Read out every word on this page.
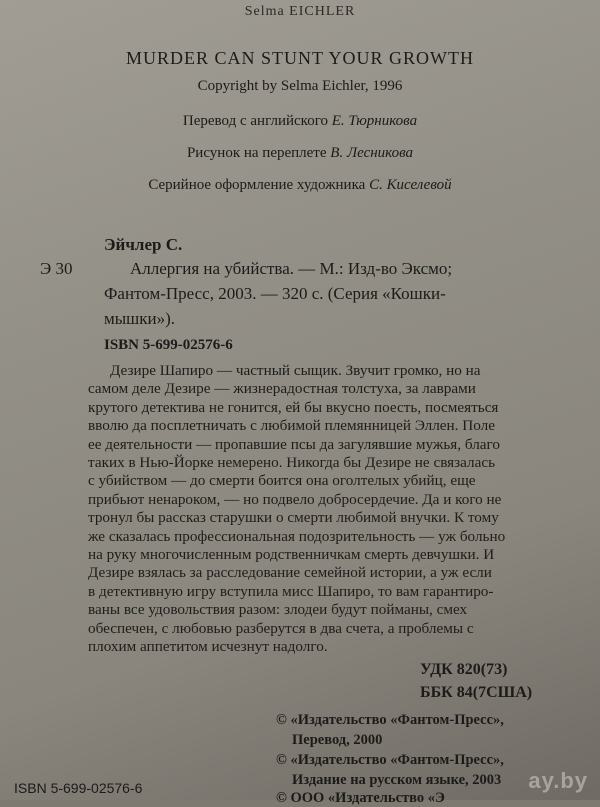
Selma EICHLER
MURDER CAN STUNT YOUR GROWTH
Copyright by Selma Eichler, 1996
Перевод с английского Е. Тюрникова
Рисунок на переплете В. Лесникова
Серийное оформление художника С. Киселевой
Эйчлер С.
Э 30	Аллергия на убийства. — М.: Изд-во Эксмо;
Фантом-Пресс, 2003. — 320 с. (Серия «Кошки-
мышки»).
ISBN 5-699-02576-6
Дезире Шапиро — частный сыщик. Звучит громко, но на
самом деле Дезире — жизнерадостная толстуха, за лаврами
крутого детектива не гонится, ей бы вкусно поесть, посмеяться
вволю да посплетничать с любимой племянницей Эллен. Поле
ее деятельности — пропавшие псы да загулявшие мужья, благо
таких в Нью-Йорке немерено. Никогда бы Дезире не связалась
с убийством — до смерти боится она оголтелых убийц, еще
прибьют ненароком, — но подвело добросердечие. Да и кого не
тронул бы рассказ старушки о смерти любимой внучки. К тому
же сказалась профессиональная подозрительность — уж больно
на руку многочисленным родственничкам смерть девчушки. И
Дезире взялась за расследование семейной истории, а уж если
в детективную игру вступила мисс Шапиро, то вам гарантиро-
ваны все удовольствия разом: злодеи будут пойманы, смех
обеспечен, с любовью разберутся в два счета, а проблемы с
плохим аппетитом исчезнут надолго.
УДК 820(73)
ББК 84(7США)
© «Издательство «Фантом-Пресс»,
Перевод, 2000
© «Издательство «Фантом-Пресс»,
Издание на русском языке, 2003
© ООО «Издательство «Э
ISBN 5-699-02576-6	ay.by
